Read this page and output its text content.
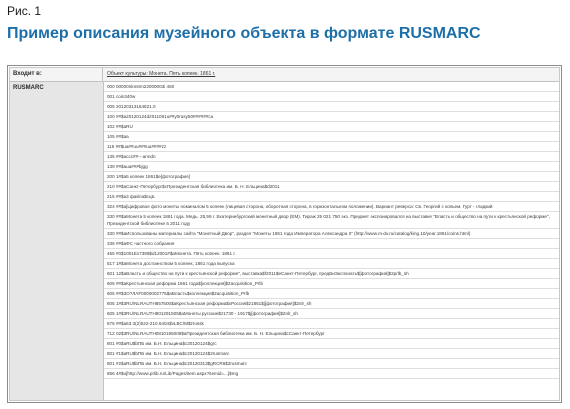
Рис. 1
Пример описания музейного объекта в формате RUSMARC
Входит в:	Объект культуры: Монета. Пять копеек. 1861 г.
RUSMARC	000 00000nkm0m22000003i 450
001 coin340w
005 20120313164621.0
100 ##$a20120124d2011061u##y0rusy50######ca
102 ##$aRU
105 ##$aa
115 ##$ua##uu###uu####zz
135 ##$accc##---anndn
139 ##$aua###bjgg
200 1#$a5 копеек 1861$e[фотография]
210 ##$aСанкт-Петербург$cПрезидентская библиотека им. Б. Н. Ельцина$d2011
215 ##$a3 файла$cцв.
324 ##$a[Цифровое фото монеты номиналом 5 копеек (лицевая сторона, оборотная сторона, в горизонтальном положении). Вариант реверса: Св. Георгий с копьем. Гурт - гладкий
330 ##$aМонета 5 копеек 1861 года. Медь. 25,59 г. Екатеринбургский монетный двор (ЕМ). Тираж 25 021 750 экз. Предмет экспонировался на выставке "Власть и общество на пути к крестьянской реформе", Президентской библиотеке в 2011 году
330 ##$aИспользованы материалы сайта "Монетный Двор", раздел "Монеты 1861 года Императора Александра II" (http://www.m-dv.ru/catalog/king.10/year.1861/coins.html)
336 ##$aФС частного собрания
455 #0$1001Ex7399$d12001#$aМонета. Пять копеек. 1861 г.
517 1#$aМонета достоинством 5 копеек, 1861 года выпуска
601 12$aВласть и общество на пути к крестьянской реформе", выставка$f2011$eСанкт-Петербург, предБиЭкспонать$[фотография]$2prlb_sh
605 ##$aКрестьянская реформа 1861 года$[коллекция]$2acquisition_Prlb
605 ##$3О?ЛAF0000002775$aВласть$коллекция$2acquisition_Prlb
605 1#$3RU\NLRAUTH857600$aКрестьянская реформа$xРоссия$z1861$j[фотография]$2nlr_sh
605 1#$3RU\NLRAUTH801291505$aМонеты русские$z1730 - 1917$j[фотография]$2nlr_sh
675 ##$a63.3(2)522-210.6404$vLBC/M$zrussk
712 02$3RU\NLRAUTH0810195009$aПрезидентская библиотека им. Б. Н. Ельцина$cСанкт-Петербург
801 #0$aRU$bПБ им. Б.Н. Ельцина$c20120124$gгс
801 #1$aRU$bПБ им. Б.Н. Ельцина$c20120124$2rusmarc
801 #2$aRU$bПБ им. Б.Н. Ельцина$c20120313$gRCR6$2rusmarc
856 4#$u[http://www.prlib.ru/Lib/Pages/item.aspx?itemid=...]$mg
